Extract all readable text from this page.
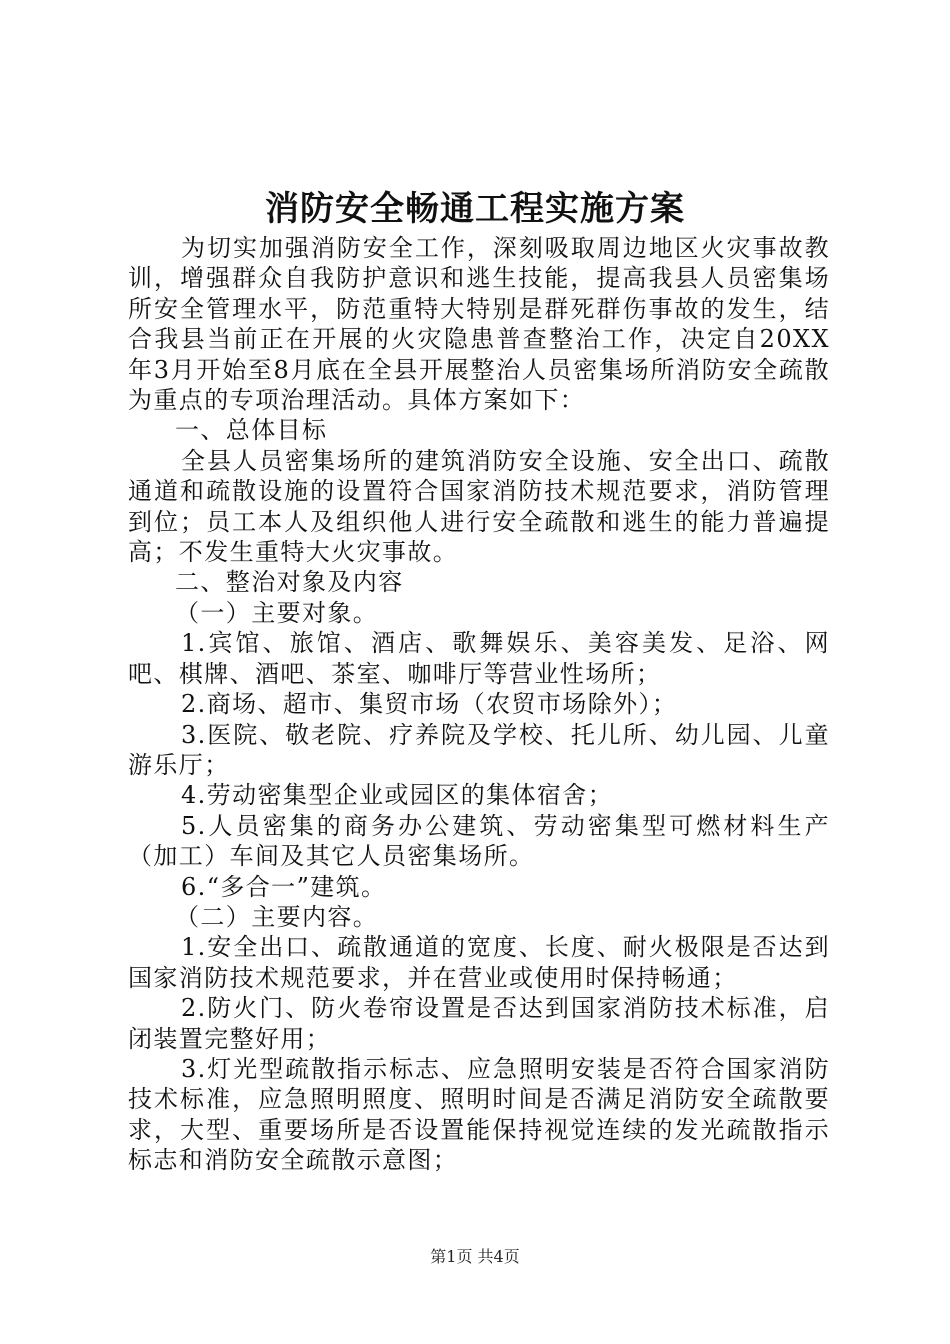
消防安全畅通工程实施方案

为切实加强消防安全工作，深刻吸取周边地区火灾事故教训，增强群众自我防护意识和逃生技能，提高我县人员密集场所安全管理水平，防范重特大特别是群死群伤事故的发生，结合我县当前正在开展的火灾隐患普查整治工作，决定自20XX年3月开始至8月底在全县开展整治人员密集场所消防安全疏散为重点的专项治理活动。具体方案如下：

一、总体目标

全县人员密集场所的建筑消防安全设施、安全出口、疏散通道和疏散设施的设置符合国家消防技术规范要求，消防管理到位；员工本人及组织他人进行安全疏散和逃生的能力普遍提高；不发生重特大火灾事故。

二、整治对象及内容

（一）主要对象。

1.宾馆、旅馆、酒店、歌舞娱乐、美容美发、足浴、网吧、棋牌、酒吧、茶室、咖啡厅等营业性场所；

2.商场、超市、集贸市场（农贸市场除外）；

3.医院、敬老院、疗养院及学校、托儿所、幼儿园、儿童游乐厅；

4.劳动密集型企业或园区的集体宿舍；

5.人员密集的商务办公建筑、劳动密集型可燃材料生产（加工）车间及其它人员密集场所。

6.“多合一”建筑。

（二）主要内容。

1.安全出口、疏散通道的宽度、长度、耐火极限是否达到国家消防技术规范要求，并在营业或使用时保持畅通；

2.防火门、防火卷帘设置是否达到国家消防技术标准，启闭装置完整好用；

3.灯光型疏散指示标志、应急照明安装是否符合国家消防技术标准，应急照明照度、照明时间是否满足消防安全疏散要求，大型、重要场所是否设置能保持视觉连续的发光疏散指示标志和消防安全疏散示意图；

第1页 共4页
